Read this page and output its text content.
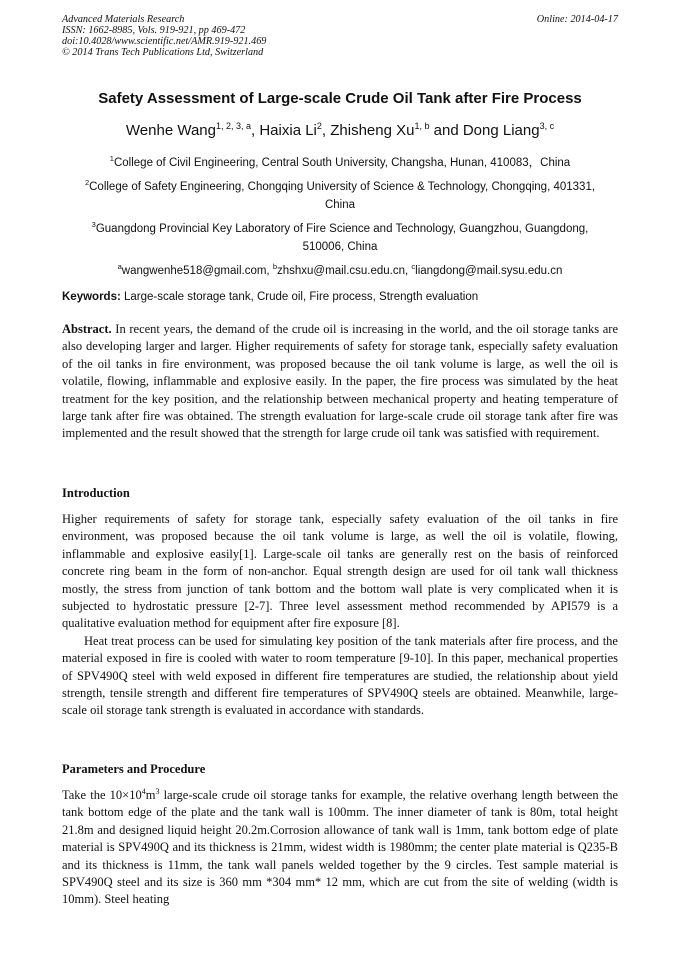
Advanced Materials Research
ISSN: 1662-8985, Vols. 919-921, pp 469-472
doi:10.4028/www.scientific.net/AMR.919-921.469
© 2014 Trans Tech Publications Ltd, Switzerland
Online: 2014-04-17
Safety Assessment of Large-scale Crude Oil Tank after Fire Process
Wenhe Wang$^{1, 2, 3, a}$, Haixia Li$^2$, Zhisheng Xu$^{1, b}$ and Dong Liang$^{3, c}$
$^1$College of Civil Engineering, Central South University, Changsha, Hunan, 410083，China
$^2$College of Safety Engineering, Chongqing University of Science & Technology, Chongqing, 401331, China
$^3$Guangdong Provincial Key Laboratory of Fire Science and Technology, Guangzhou, Guangdong, 510006, China
$^a$wangwenhe518@gmail.com, $^b$zhshxu@mail.csu.edu.cn, $^c$liangdong@mail.sysu.edu.cn
Keywords: Large-scale storage tank, Crude oil, Fire process, Strength evaluation

Abstract. In recent years, the demand of the crude oil is increasing in the world, and the oil storage tanks are also developing larger and larger. Higher requirements of safety for storage tank, especially safety evaluation of the oil tanks in fire environment, was proposed because the oil tank volume is large, as well the oil is volatile, flowing, inflammable and explosive easily. In the paper, the fire process was simulated by the heat treatment for the key position, and the relationship between mechanical property and heating temperature of large tank after fire was obtained. The strength evaluation for large-scale crude oil storage tank after fire was implemented and the result showed that the strength for large crude oil tank was satisfied with requirement.

Introduction

Higher requirements of safety for storage tank, especially safety evaluation of the oil tanks in fire environment, was proposed because the oil tank volume is large, as well the oil is volatile, flowing, inflammable and explosive easily[1]. Large-scale oil tanks are generally rest on the basis of reinforced concrete ring beam in the form of non-anchor. Equal strength design are used for oil tank wall thickness mostly, the stress from junction of tank bottom and the bottom wall plate is very complicated when it is subjected to hydrostatic pressure [2-7]. Three level assessment method recommended by API579 is a qualitative evaluation method for equipment after fire exposure [8].

Heat treat process can be used for simulating key position of the tank materials after fire process, and the material exposed in fire is cooled with water to room temperature [9-10]. In this paper, mechanical properties of SPV490Q steel with weld exposed in different fire temperatures are studied, the relationship about yield strength, tensile strength and different fire temperatures of SPV490Q steels are obtained. Meanwhile, large-scale oil storage tank strength is evaluated in accordance with standards.

Parameters and Procedure

Take the $10\times 10^4m^3$ large-scale crude oil storage tanks for example, the relative overhang length between the tank bottom edge of the plate and the tank wall is 100mm. The inner diameter of tank is 80m, total height 21.8m and designed liquid height 20.2m.Corrosion allowance of tank wall is 1mm, tank bottom edge of plate material is SPV490Q and its thickness is 21mm, widest width is 1980mm; the center plate material is Q235-B and its thickness is 11mm, the tank wall panels welded together by the 9 circles. Test sample material is SPV490Q steel and its size is 360 mm *304 mm* 12 mm, which are cut from the site of welding (width is 10mm). Steel heating
